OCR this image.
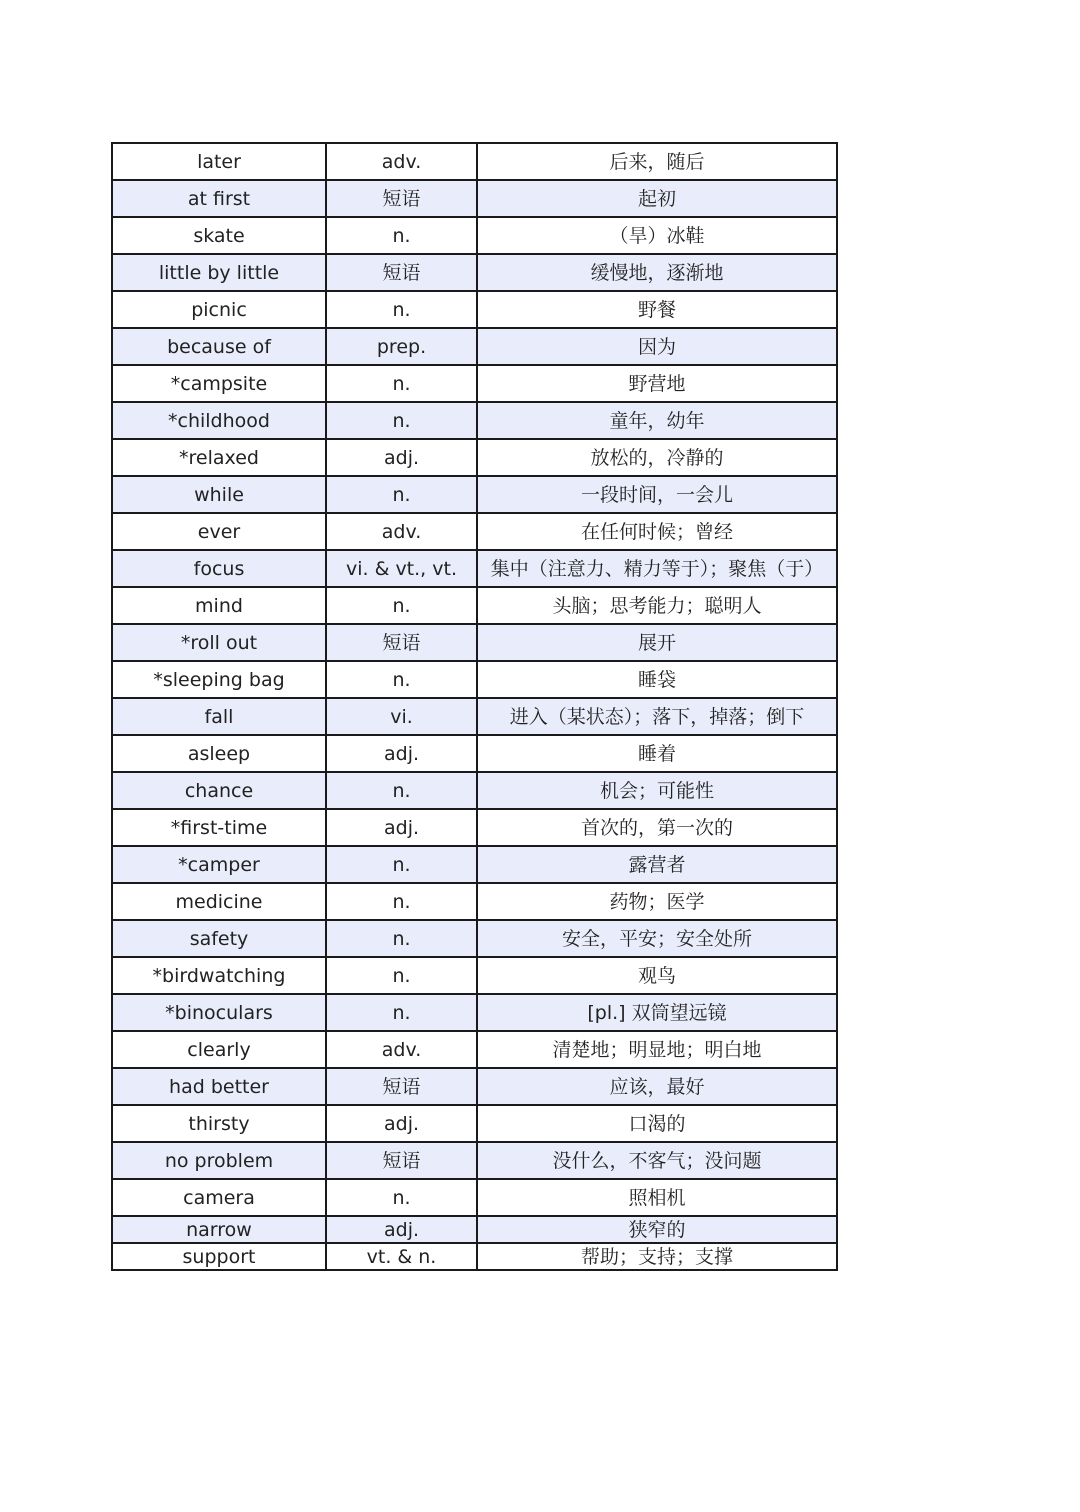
later	adv.	后来，随后
at first	短语	起初
skate	n.	（旱）冰鞋
little by little	短语	缓慢地，逐渐地
picnic	n.	野餐
because of	prep.	因为
*campsite	n.	野营地
*childhood	n.	童年，幼年
*relaxed	adj.	放松的，冷静的
while	n.	一段时间，一会儿
ever	adv.	在任何时候；曾经
focus	vi. & vt., vt.	集中（注意力、精力等于）；聚焦（于）
mind	n.	头脑；思考能力；聪明人
*roll out	短语	展开
*sleeping bag	n.	睡袋
fall	vi.	进入（某状态）；落下，掉落；倒下
asleep	adj.	睡着
chance	n.	机会；可能性
*first-time	adj.	首次的，第一次的
*camper	n.	露营者
medicine	n.	药物；医学
safety	n.	安全，平安；安全处所
*birdwatching	n.	观鸟
*binoculars	n.	[pl.] 双筒望远镜
clearly	adv.	清楚地；明显地；明白地
had better	短语	应该，最好
thirsty	adj.	口渴的
no problem	短语	没什么，不客气；没问题
camera	n.	照相机
narrow	adj.	狭窄的
support	vt. & n.	帮助；支持；支撑
